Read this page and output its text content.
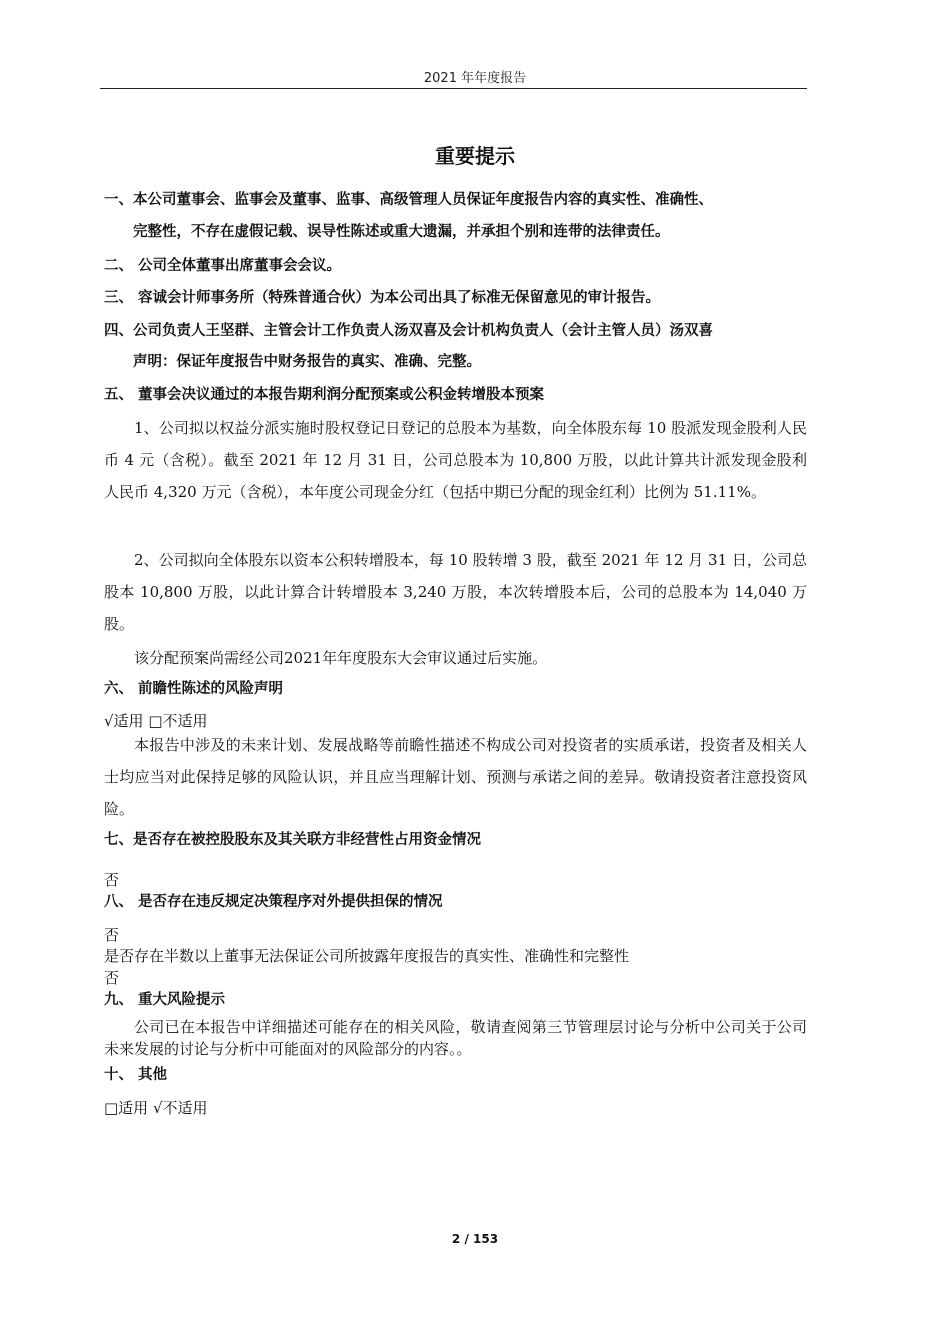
2021 年年度报告
重要提示
一、本公司董事会、监事会及董事、监事、高级管理人员保证年度报告内容的真实性、准确性、
完整性，不存在虚假记载、误导性陈述或重大遗漏，并承担个别和连带的法律责任。
二、 公司全体董事出席董事会会议。
三、 容诚会计师事务所（特殊普通合伙）为本公司出具了标准无保留意见的审计报告。
四、公司负责人王坚群、主管会计工作负责人汤双喜及会计机构负责人（会计主管人员）汤双喜
声明：保证年度报告中财务报告的真实、准确、完整。
五、 董事会决议通过的本报告期利润分配预案或公积金转增股本预案
1、公司拟以权益分派实施时股权登记日登记的总股本为基数，向全体股东每 10 股派发现金股利人民币 4 元（含税）。截至 2021 年 12 月 31 日，公司总股本为 10,800 万股，以此计算共计派发现金股利人民币 4,320 万元（含税），本年度公司现金分红（包括中期已分配的现金红利）比例为 51.11%。
2、公司拟向全体股东以资本公积转增股本，每 10 股转增 3 股，截至 2021 年 12 月 31 日，公司总股本 10,800 万股，以此计算合计转增股本 3,240 万股，本次转增股本后，公司的总股本为 14,040 万股。
该分配预案尚需经公司2021年年度股东大会审议通过后实施。
六、 前瞻性陈述的风险声明
√适用 □不适用
本报告中涉及的未来计划、发展战略等前瞻性描述不构成公司对投资者的实质承诺，投资者及相关人士均应当对此保持足够的风险认识，并且应当理解计划、预测与承诺之间的差异。敬请投资者注意投资风险。
七、是否存在被控股股东及其关联方非经营性占用资金情况
否
八、 是否存在违反规定决策程序对外提供担保的情况
否
是否存在半数以上董事无法保证公司所披露年度报告的真实性、准确性和完整性
否
九、 重大风险提示
公司已在本报告中详细描述可能存在的相关风险，敬请查阅第三节管理层讨论与分析中公司关于公司未来发展的讨论与分析中可能面对的风险部分的内容。。
十、 其他
□适用 √不适用
2 / 153
